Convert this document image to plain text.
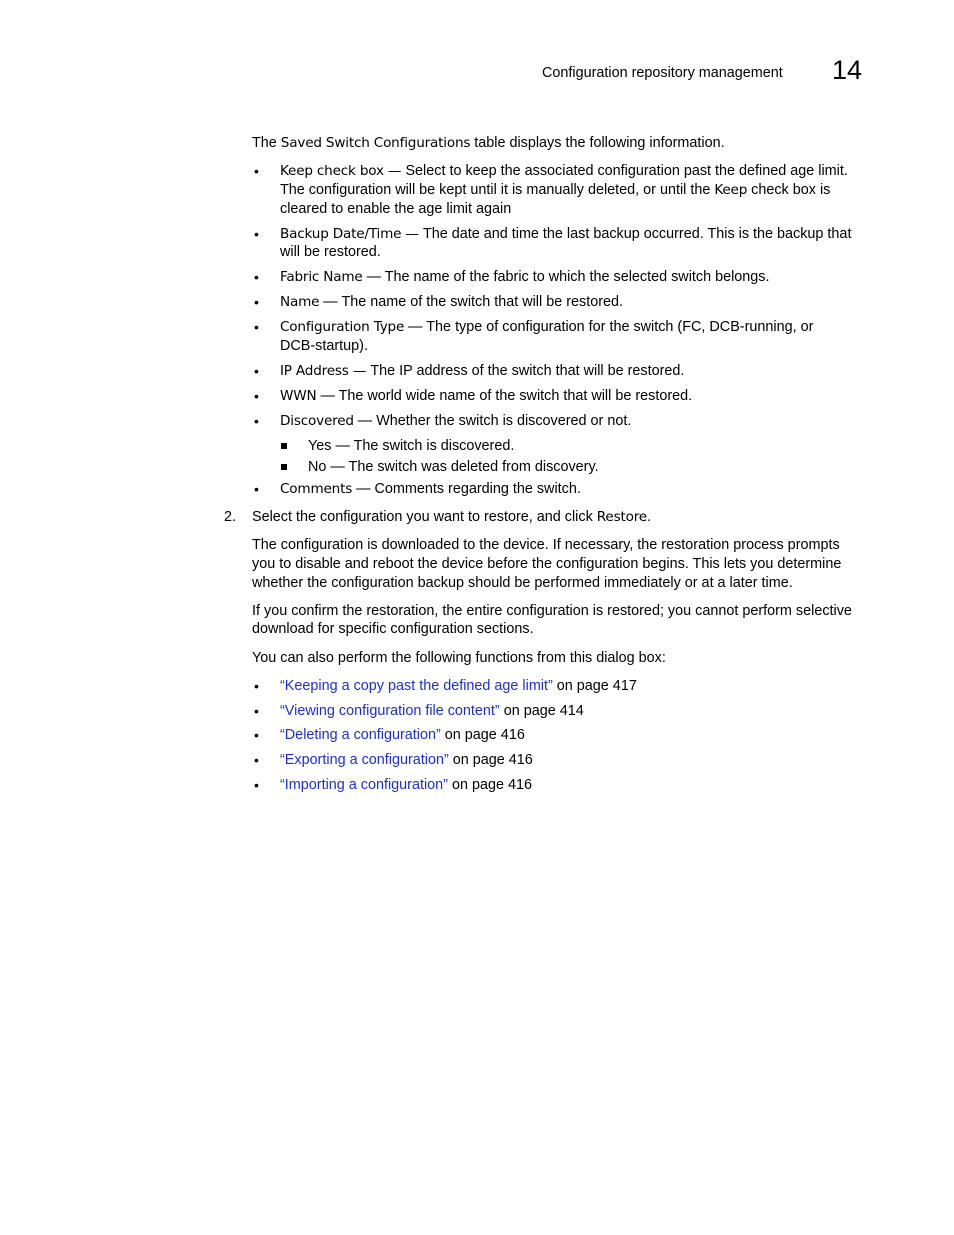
Configuration repository management 14
The Saved Switch Configurations table displays the following information.
• Keep check box — Select to keep the associated configuration past the defined age limit.
The configuration will be kept until it is manually deleted, or until the Keep check box is
cleared to enable the age limit again
• Backup Date/Time — The date and time the last backup occurred. This is the backup that
will be restored.
• Fabric Name — The name of the fabric to which the selected switch belongs.
• Name — The name of the switch that will be restored.
• Configuration Type — The type of configuration for the switch (FC, DCB-running, or
DCB-startup).
• IP Address — The IP address of the switch that will be restored.
• WWN — The world wide name of the switch that will be restored.
• Discovered — Whether the switch is discovered or not.
Yes — The switch is discovered.
No — The switch was deleted from discovery.
• Comments — Comments regarding the switch.
2. Select the configuration you want to restore, and click Restore.
The configuration is downloaded to the device. If necessary, the restoration process prompts
you to disable and reboot the device before the configuration begins. This lets you determine
whether the configuration backup should be performed immediately or at a later time.
If you confirm the restoration, the entire configuration is restored; you cannot perform selective
download for specific configuration sections.
You can also perform the following functions from this dialog box:
• “Keeping a copy past the defined age limit” on page 417
• “Viewing configuration file content” on page 414
• “Deleting a configuration” on page 416
• “Exporting a configuration” on page 416
• “Importing a configuration” on page 416
